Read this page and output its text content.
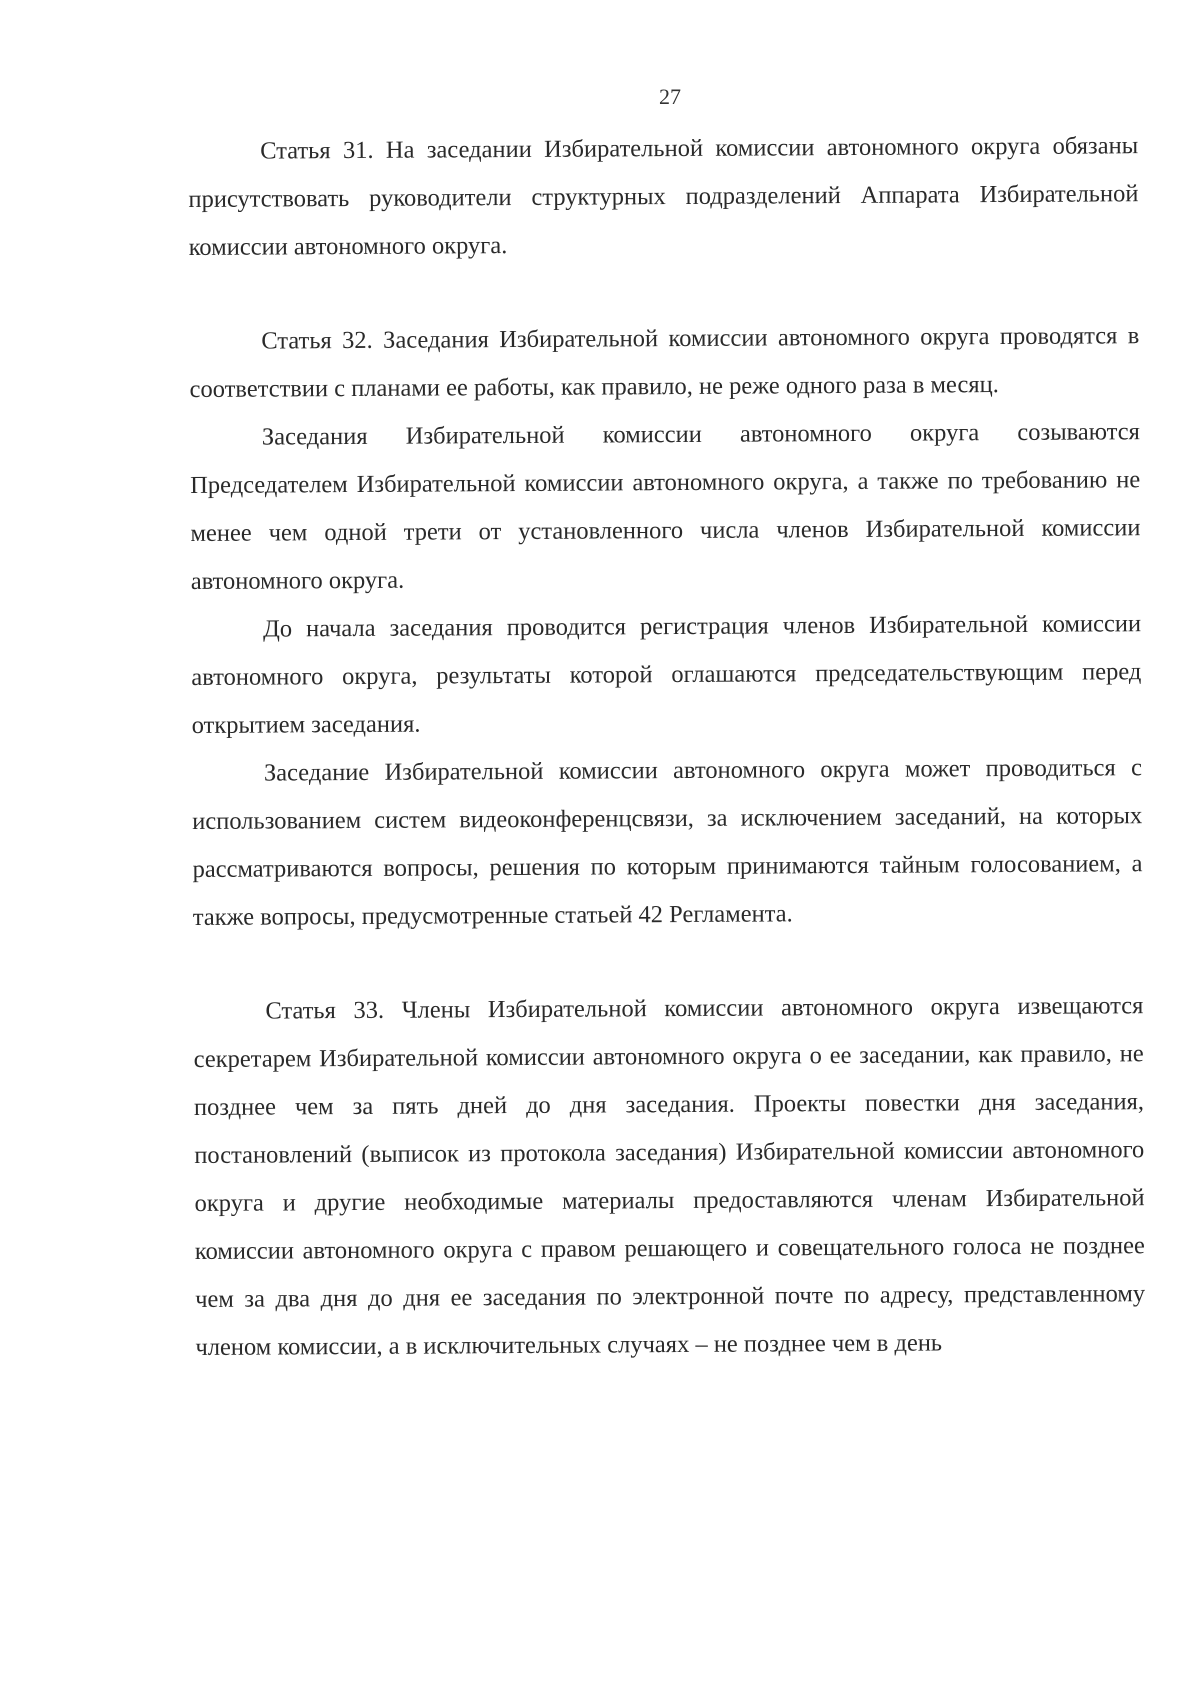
27

Статья 31. На заседании Избирательной комиссии автономного округа обязаны присутствовать руководители структурных подразделений Аппарата Избирательной комиссии автономного округа.

Статья 32. Заседания Избирательной комиссии автономного округа проводятся в соответствии с планами ее работы, как правило, не реже одного раза в месяц.

Заседания Избирательной комиссии автономного округа созываются Председателем Избирательной комиссии автономного округа, а также по требованию не менее чем одной трети от установленного числа членов Избирательной комиссии автономного округа.

До начала заседания проводится регистрация членов Избирательной комиссии автономного округа, результаты которой оглашаются председательствующим перед открытием заседания.

Заседание Избирательной комиссии автономного округа может проводиться с использованием систем видеоконференцсвязи, за исключением заседаний, на которых рассматриваются вопросы, решения по которым принимаются тайным голосованием, а также вопросы, предусмотренные статьей 42 Регламента.

Статья 33. Члены Избирательной комиссии автономного округа извещаются секретарем Избирательной комиссии автономного округа о ее заседании, как правило, не позднее чем за пять дней до дня заседания. Проекты повестки дня заседания, постановлений (выписок из протокола заседания) Избирательной комиссии автономного округа и другие необходимые материалы предоставляются членам Избирательной комиссии автономного округа с правом решающего и совещательного голоса не позднее чем за два дня до дня ее заседания по электронной почте по адресу, представленному членом комиссии, а в исключительных случаях – не позднее чем в день
